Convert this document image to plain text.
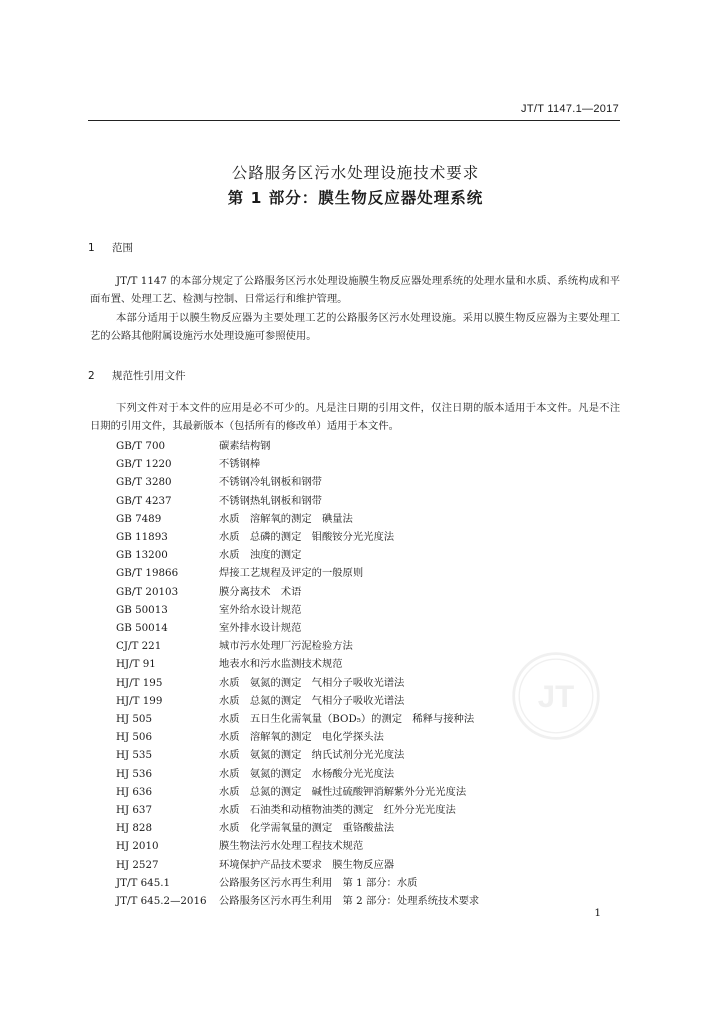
JT/T 1147.1—2017
公路服务区污水处理设施技术要求
第 1 部分：膜生物反应器处理系统
1 范围
JT/T 1147 的本部分规定了公路服务区污水处理设施膜生物反应器处理系统的处理水量和水质、系统构成和平面布置、处理工艺、检测与控制、日常运行和维护管理。
本部分适用于以膜生物反应器为主要处理工艺的公路服务区污水处理设施。采用以膜生物反应器为主要处理工艺的公路其他附属设施污水处理设施可参照使用。
2 规范性引用文件
下列文件对于本文件的应用是必不可少的。凡是注日期的引用文件，仅注日期的版本适用于本文件。凡是不注日期的引用文件，其最新版本（包括所有的修改单）适用于本文件。
GB/T 700	碳素结构钢
GB/T 1220	不锈钢棒
GB/T 3280	不锈钢冷轧钢板和钢带
GB/T 4237	不锈钢热轧钢板和钢带
GB 7489	水质　溶解氧的测定　碘量法
GB 11893	水质　总磷的测定　钼酸铵分光光度法
GB 13200	水质　浊度的测定
GB/T 19866	焊接工艺规程及评定的一般原则
GB/T 20103	膜分离技术　术语
GB 50013	室外给水设计规范
GB 50014	室外排水设计规范
CJ/T 221	城市污水处理厂污泥检验方法
HJ/T 91	地表水和污水监测技术规范
HJ/T 195	水质　氨氮的测定　气相分子吸收光谱法
HJ/T 199	水质　总氮的测定　气相分子吸收光谱法
HJ 505	水质　五日生化需氧量（BOD₅）的测定　稀释与接种法
HJ 506	水质　溶解氧的测定　电化学探头法
HJ 535	水质　氨氮的测定　纳氏试剂分光光度法
HJ 536	水质　氨氮的测定　水杨酸分光光度法
HJ 636	水质　总氮的测定　碱性过硫酸钾消解紫外分光光度法
HJ 637	水质　石油类和动植物油类的测定　红外分光光度法
HJ 828	水质　化学需氧量的测定　重铬酸盐法
HJ 2010	膜生物法污水处理工程技术规范
HJ 2527	环境保护产品技术要求　膜生物反应器
JT/T 645.1	公路服务区污水再生利用　第 1 部分：水质
JT/T 645.2—2016	公路服务区污水再生利用　第 2 部分：处理系统技术要求
JT
1
